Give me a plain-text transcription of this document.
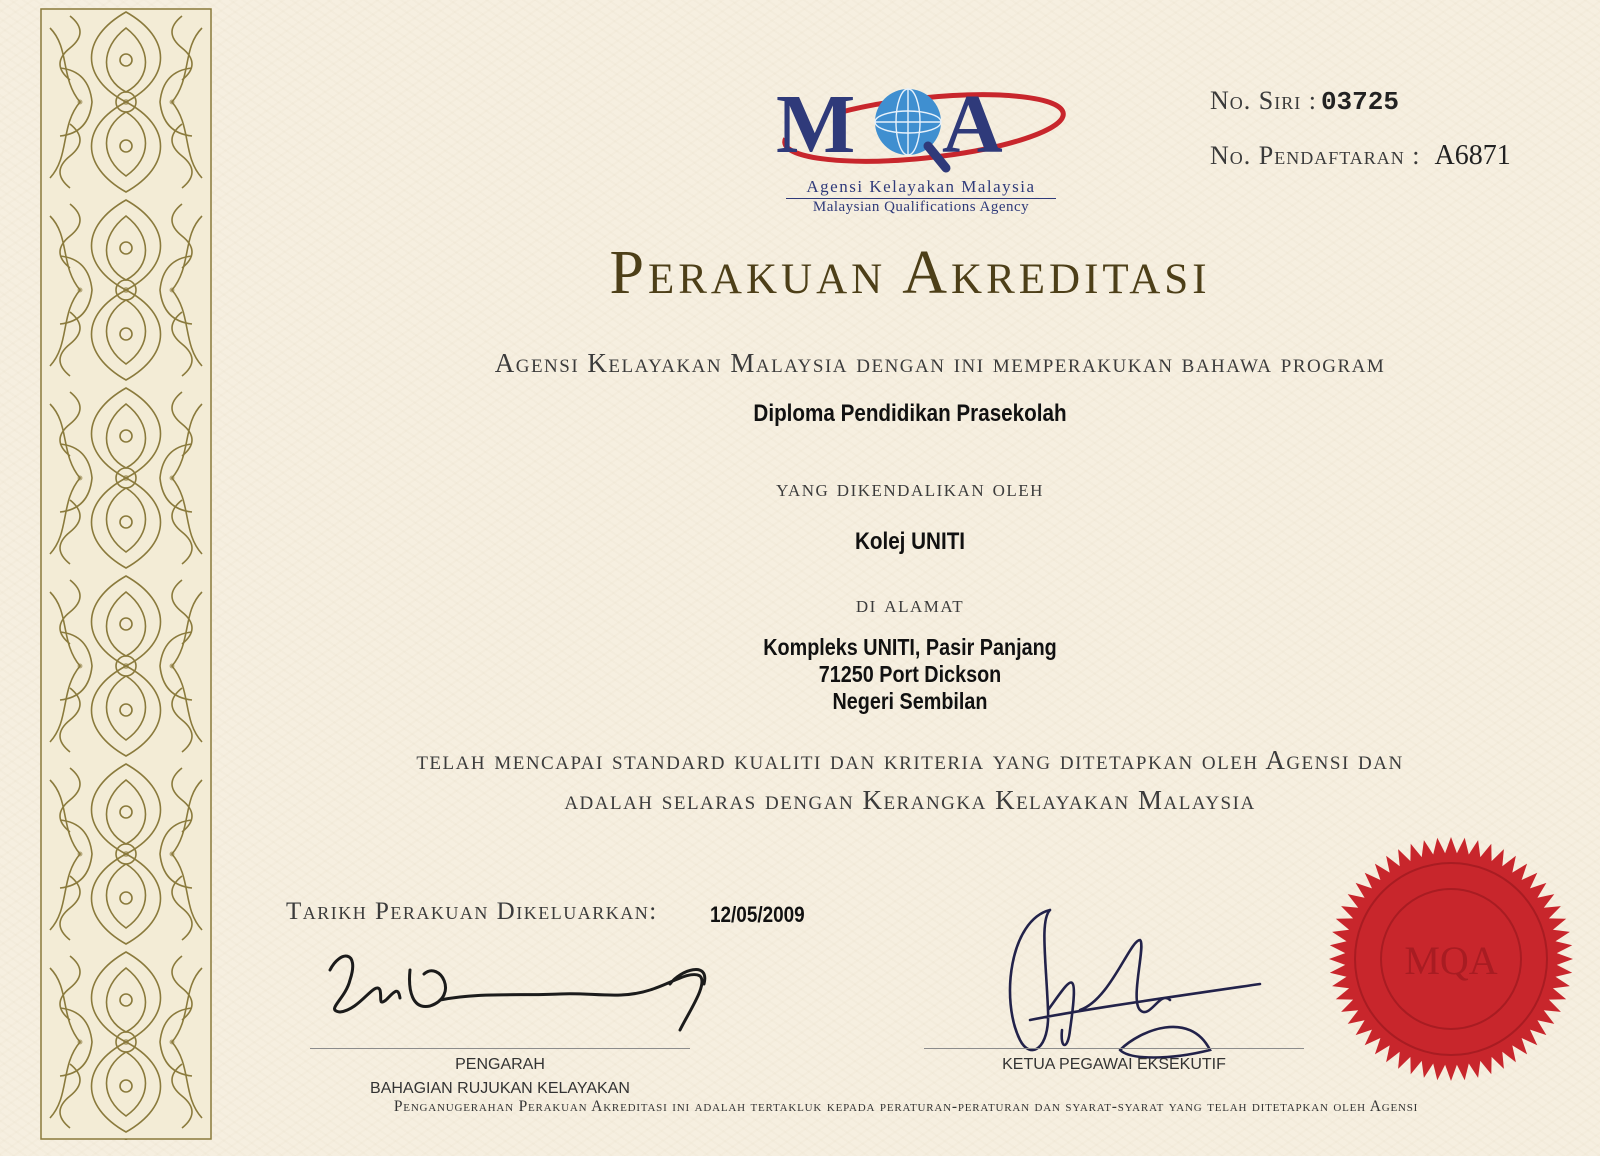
M A
Agensi Kelayakan Malaysia
Malaysian Qualifications Agency
No. Siri : 03725
No. Pendaftaran : A6871
Perakuan Akreditasi
Agensi Kelayakan Malaysia dengan ini memperakukan bahawa program
Diploma Pendidikan Prasekolah
yang dikendalikan oleh
Kolej UNITI
di alamat
Kompleks UNITI, Pasir Panjang
71250 Port Dickson
Negeri Sembilan
telah mencapai standard kualiti dan kriteria yang ditetapkan oleh Agensi dan
adalah selaras dengan Kerangka Kelayakan Malaysia
Tarikh Perakuan Dikeluarkan:	12/05/2009
PENGARAH
BAHAGIAN RUJUKAN KELAYAKAN
KETUA PEGAWAI EKSEKUTIF
MQA
Penganugerahan Perakuan Akreditasi ini adalah tertakluk kepada peraturan-peraturan dan syarat-syarat yang telah ditetapkan oleh Agensi
